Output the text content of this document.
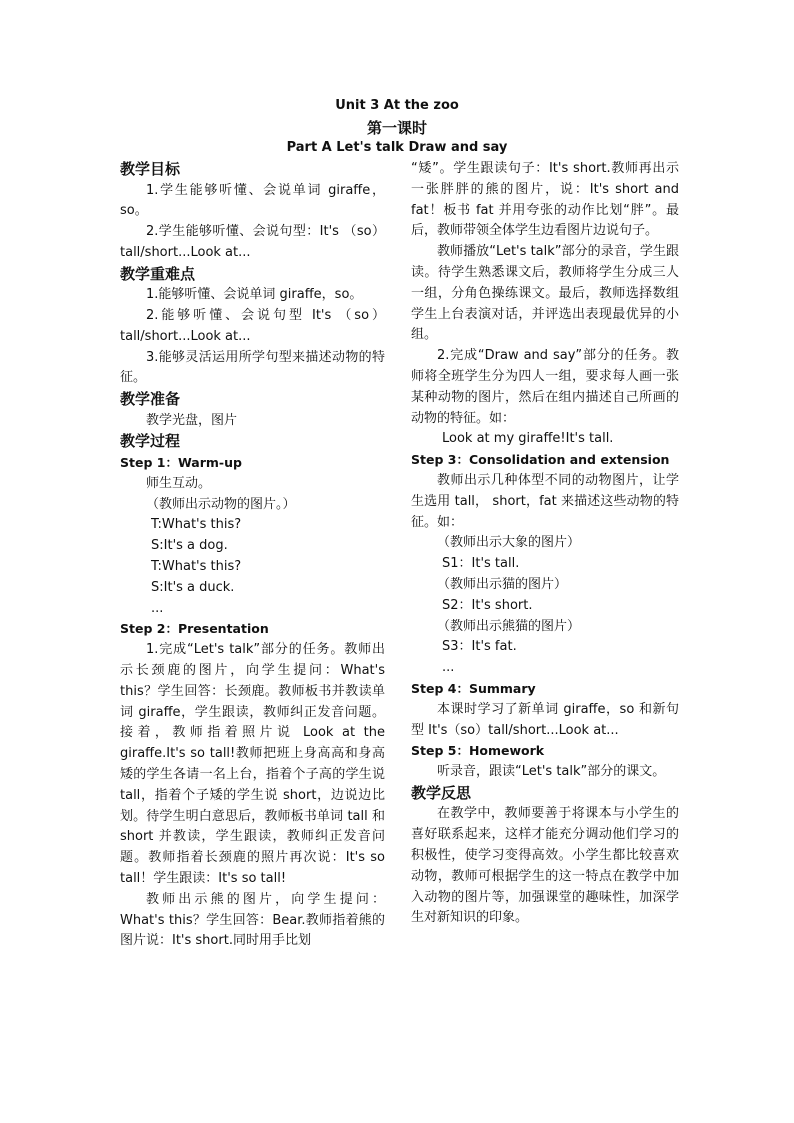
Unit 3 At the zoo
第一课时
Part A Let's talk Draw and say

教学目标

1.学生能够听懂、会说单词 giraffe，so。

2.学生能够听懂、会说句型：It's （so）tall/short...Look at...

教学重难点

1.能够听懂、会说单词 giraffe，so。

2.能够听懂、会说句型 It's （so） tall/short...Look at...

3.能够灵活运用所学句型来描述动物的特征。

教学准备

教学光盘，图片

教学过程

Step 1：Warm-up

师生互动。

（教师出示动物的图片。）

T:What's this?

S:It's a dog.

T:What's this?

S:It's a duck.

...

Step 2：Presentation

1.完成“Let's talk”部分的任务。教师出示长颈鹿的图片，向学生提问：What's this？学生回答：长颈鹿。教师板书并教读单词 giraffe，学生跟读，教师纠正发音问题。接着，教师指着照片说 Look at the giraffe.It's so tall!教师把班上身高高和身高矮的学生各请一名上台，指着个子高的学生说 tall，指着个子矮的学生说 short，边说边比划。待学生明白意思后，教师板书单词 tall 和 short 并教读，学生跟读，教师纠正发音问题。教师指着长颈鹿的照片再次说：It's so tall！学生跟读：It's so tall!

教师出示熊的图片，向学生提问：What's this？学生回答：Bear.教师指着熊的图片说：It's short.同时用手比划

“矮”。学生跟读句子：It's short.教师再出示一张胖胖的熊的图片，说：It's short and fat！板书 fat 并用夸张的动作比划“胖”。最后，教师带领全体学生边看图片边说句子。

教师播放“Let's talk”部分的录音，学生跟读。待学生熟悉课文后，教师将学生分成三人一组，分角色操练课文。最后，教师选择数组学生上台表演对话，并评选出表现最优异的小组。

2.完成“Draw and say”部分的任务。教师将全班学生分为四人一组，要求每人画一张某种动物的图片，然后在组内描述自己所画的动物的特征。如：

Look at my giraffe!It's tall.

Step 3：Consolidation and extension

教师出示几种体型不同的动物图片，让学生选用 tall， short，fat 来描述这些动物的特征。如：

（教师出示大象的图片）

S1：It's tall.

（教师出示猫的图片）

S2：It's short.

（教师出示熊猫的图片）

S3：It's fat.

...

Step 4：Summary

本课时学习了新单词 giraffe，so 和新句型 It's（so）tall/short...Look at...

Step 5：Homework

听录音，跟读“Let's talk”部分的课文。

教学反思

在教学中，教师要善于将课本与小学生的喜好联系起来，这样才能充分调动他们学习的积极性，使学习变得高效。小学生都比较喜欢动物，教师可根据学生的这一特点在教学中加入动物的图片等，加强课堂的趣味性，加深学生对新知识的印象。
